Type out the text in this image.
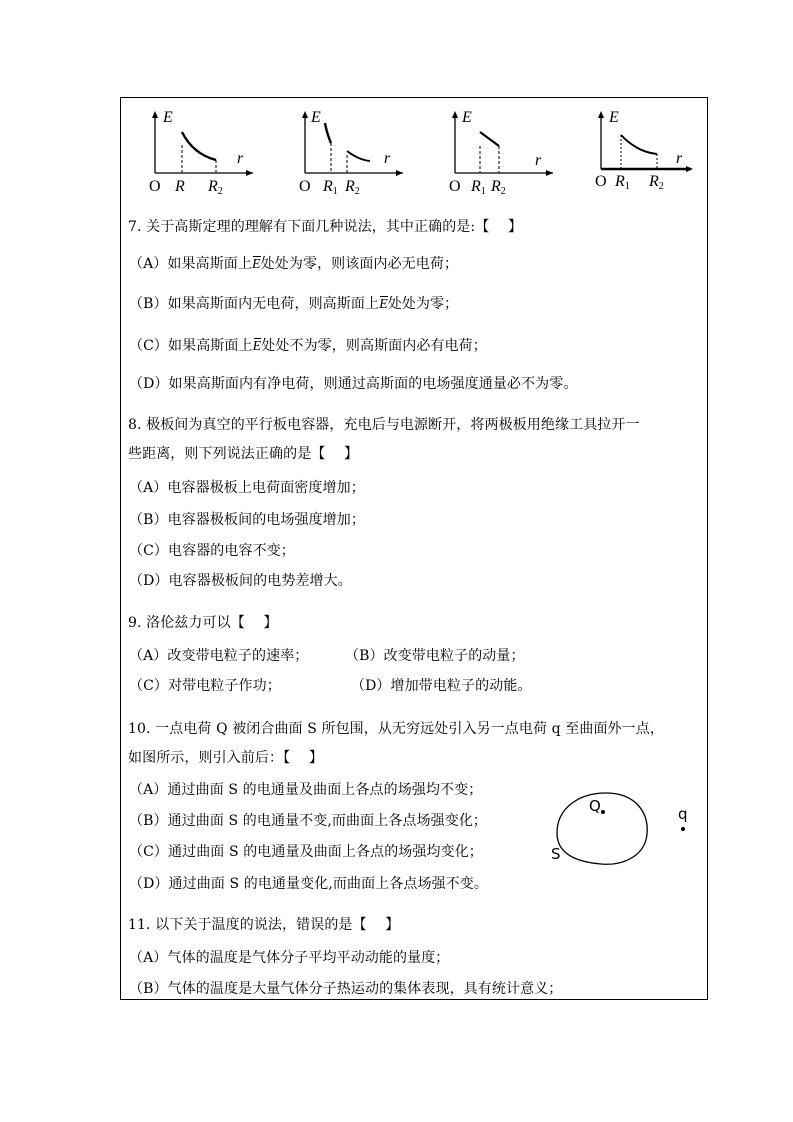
E
r
O R $R_2$
E
r
O $R_1$ $R_2$
E
r
O $R_1$ $R_2$
E
r
O $R_1$ $R_2$
7. 关于高斯定理的理解有下面几种说法，其中正确的是:【　 】
（A）如果高斯面上E处处为零，则该面内必无电荷；
（B）如果高斯面内无电荷，则高斯面上E处处为零；
（C）如果高斯面上E处处不为零，则高斯面内必有电荷；
（D）如果高斯面内有净电荷，则通过高斯面的电场强度通量必不为零。
8. 极板间为真空的平行板电容器，充电后与电源断开，将两极板用绝缘工具拉开一
些距离，则下列说法正确的是【　 】
（A）电容器极板上电荷面密度增加；
（B）电容器极板间的电场强度增加；
（C）电容器的电容不变；
（D）电容器极板间的电势差增大。
9. 洛伦兹力可以【　 】
（A）改变带电粒子的速率；	（B）改变带电粒子的动量；
（C）对带电粒子作功；	（D）增加带电粒子的动能。
10. 一点电荷 Q 被闭合曲面 S 所包围，从无穷远处引入另一点电荷 q 至曲面外一点，
如图所示，则引入前后：【　 】
（A）通过曲面 S 的电通量及曲面上各点的场强均不变；
（B）通过曲面 S 的电通量不变,而曲面上各点场强变化；
（C）通过曲面 S 的电通量及曲面上各点的场强均变化；
（D）通过曲面 S 的电通量变化,而曲面上各点场强不变。
Q	q
S
11. 以下关于温度的说法，错误的是【　 】
（A）气体的温度是气体分子平均平动动能的量度；
（B）气体的温度是大量气体分子热运动的集体表现，具有统计意义；
